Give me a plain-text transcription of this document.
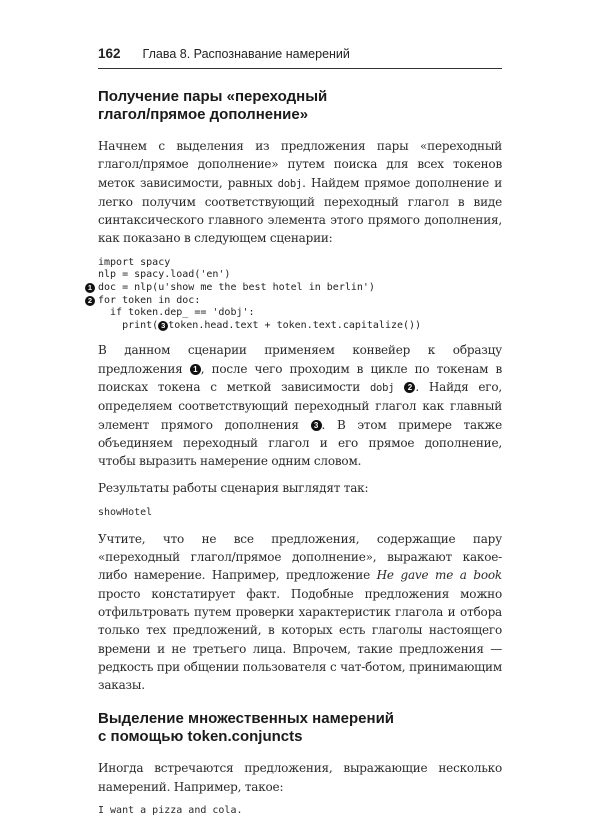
162 Глава 8. Распознавание намерений
Получение пары «переходный
глагол/прямое дополнение»

Начнем с выделения из предложения пары «переходный глагол/прямое дополнение» путем поиска для всех токенов меток зависимости, равных dobj. Найдем прямое дополнение и легко получим соответствующий переходный глагол в виде синтаксического главного элемента этого прямого дополнения, как показано в следующем сценарии:

import spacy
nlp = spacy.load('en')
1 doc = nlp(u'show me the best hotel in berlin')
2 for token in doc:
if token.dep_ == 'dobj':
print( 3 token.head.text + token.text.capitalize())

В данном сценарии применяем конвейер к образцу предложения 1 , после чего проходим в цикле по токенам в поисках токена с меткой зависимости dobj 2 . Найдя его, определяем соответствующий переходный глагол как главный элемент прямого дополнения 3 . В этом примере также объединяем переходный глагол и его прямое дополнение, чтобы выразить намерение одним словом.

Результаты работы сценария выглядят так:

showHotel

Учтите, что не все предложения, содержащие пару «переходный глагол/прямое дополнение», выражают какое-либо намерение. Например, предложение He gave me a book просто констатирует факт. Подобные предложения можно отфильтровать путем проверки характеристик глагола и отбора только тех предложений, в которых есть глаголы настоящего времени и не третьего лица. Впрочем, такие предложения — редкость при общении пользователя с чат-ботом, принимающим заказы.

Выделение множественных намерений
с помощью token.conjuncts

Иногда встречаются предложения, выражающие несколько намерений. Например, такое:

I want a pizza and cola.
